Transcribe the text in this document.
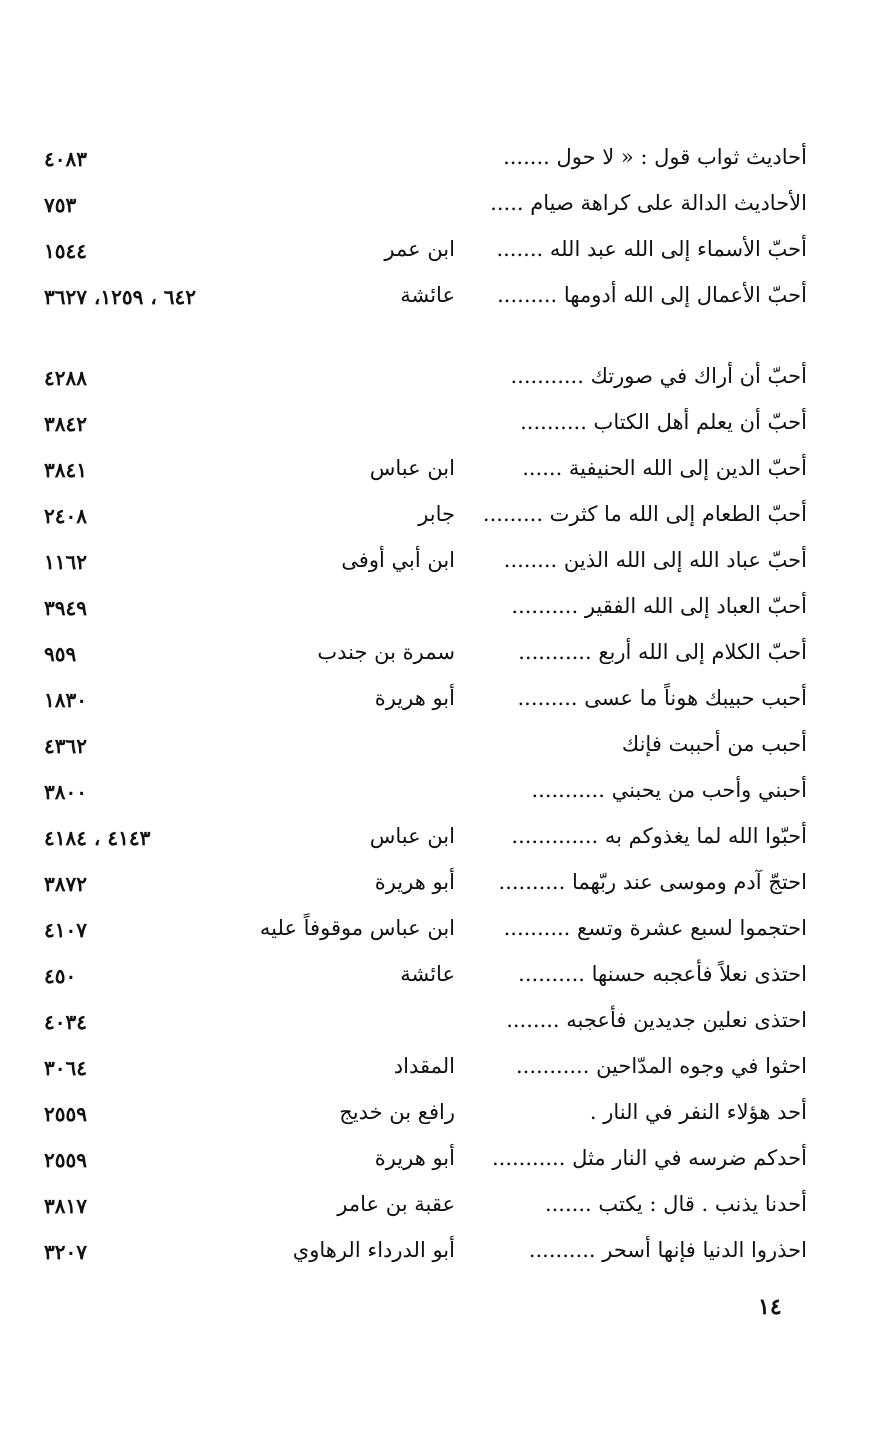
أحاديث ثواب قول : « لا حول .......
٤٠٨٣
الأحاديث الدالة على كراهة صيام .....
٧٥٣
أحبّ الأسماء إلى الله عبد الله .......
ابن عمر
١٥٤٤
أحبّ الأعمال إلى الله أدومها .........
عائشة
٦٤٢ ، ١٢٥٩، ٣٦٢٧
أحبّ أن أراك في صورتك ...........
٤٢٨٨
أحبّ أن يعلم أهل الكتاب ..........
٣٨٤٢
أحبّ الدين إلى الله الحنيفية ......
ابن عباس
٣٨٤١
أحبّ الطعام إلى الله ما كثرت .........
جابر
٢٤٠٨
أحبّ عباد الله إلى الله الذين ........
ابن أبي أوفى
١١٦٢
أحبّ العباد إلى الله الفقير ..........
٣٩٤٩
أحبّ الكلام إلى الله أربع ...........
سمرة بن جندب
٩٥٩
أحبب حبيبك هوناً ما عسى .........
أبو هريرة
١٨٣٠
أحبب من أحببت فإنك
٤٣٦٢
أحبني وأحب من يحبني ...........
٣٨٠٠
أحبّوا الله لما يغذوكم به .............
ابن عباس
٤١٤٣ ، ٤١٨٤
احتجّ آدم وموسى عند ربّهما ..........
أبو هريرة
٣٨٧٢
احتجموا لسبع عشرة وتسع ..........
ابن عباس موقوفاً عليه
٤١٠٧
احتذى نعلاً فأعجبه حسنها ..........
عائشة
٤٥٠
احتذى نعلين جديدين فأعجبه ........
٤٠٣٤
احثوا في وجوه المدّاحين ...........
المقداد
٣٠٦٤
أحد هؤلاء النفر في النار .
رافع بن خديج
٢٥٥٩
أحدكم ضرسه في النار مثل ...........
أبو هريرة
٢٥٥٩
أحدنا يذنب . قال : يكتب .......
عقبة بن عامر
٣٨١٧
احذروا الدنيا فإنها أسحر ..........
أبو الدرداء الرهاوي
٣٢٠٧
١٤
